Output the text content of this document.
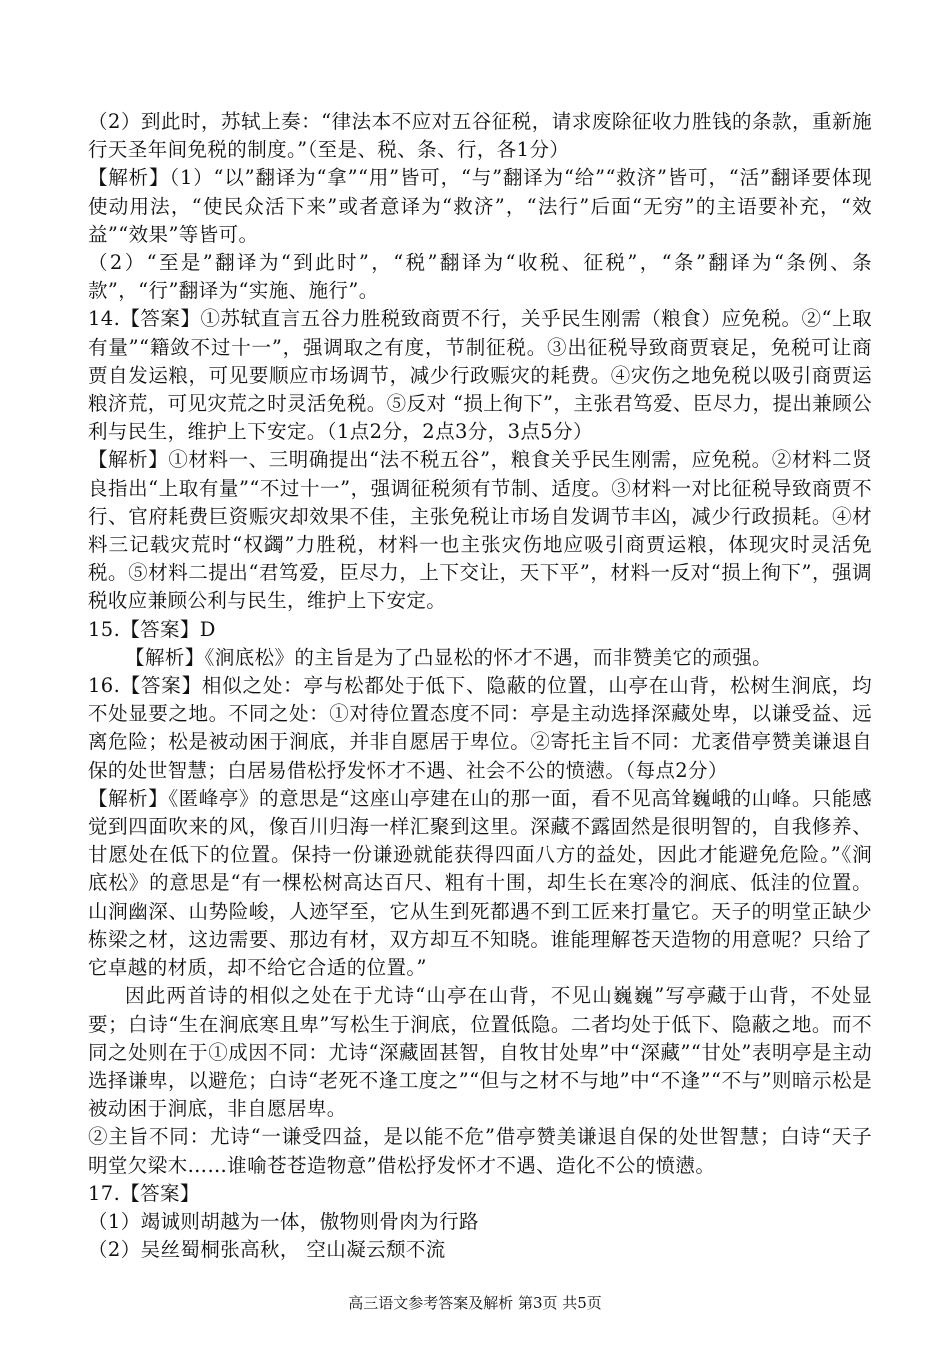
（2）到此时，苏轼上奏：“律法本不应对五谷征税，请求废除征收力胜钱的条款，重新施行天圣年间免税的制度。”（至是、税、条、行，各1分）

【解析】（1）“以”翻译为“拿”“用”皆可，“与”翻译为“给”“救济”皆可，“活”翻译要体现使动用法，“使民众活下来”或者意译为“救济”，“法行”后面“无穷”的主语要补充，“效益”“效果”等皆可。

（2）“至是”翻译为“到此时”，“税”翻译为“收税、征税”，“条”翻译为“条例、条款”，“行”翻译为“实施、施行”。

14.【答案】①苏轼直言五谷力胜税致商贾不行，关乎民生刚需（粮食）应免税。②“上取有量”“籍敛不过十一”，强调取之有度，节制征税。③出征税导致商贾衰足，免税可让商贾自发运粮，可见要顺应市场调节，减少行政赈灾的耗费。④灾伤之地免税以吸引商贾运粮济荒，可见灾荒之时灵活免税。⑤反对 “损上徇下”，主张君笃爱、臣尽力，提出兼顾公利与民生，维护上下安定。（1点2分，2点3分，3点5分）

【解析】①材料一、三明确提出“法不税五谷”，粮食关乎民生刚需，应免税。②材料二贤良指出“上取有量”“不过十一”，强调征税须有节制、适度。③材料一对比征税导致商贾不行、官府耗费巨资赈灾却效果不佳，主张免税让市场自发调节丰凶，减少行政损耗。④材料三记载灾荒时“权蠲”力胜税，材料一也主张灾伤地应吸引商贾运粮，体现灾时灵活免税。⑤材料二提出“君笃爱，臣尽力，上下交让，天下平”，材料一反对“损上徇下”，强调税收应兼顾公利与民生，维护上下安定。

15.【答案】D

【解析】《涧底松》的主旨是为了凸显松的怀才不遇，而非赞美它的顽强。

16.【答案】相似之处：亭与松都处于低下、隐蔽的位置，山亭在山背，松树生涧底，均不处显要之地。不同之处：①对待位置态度不同：亭是主动选择深藏处卑，以谦受益、远离危险；松是被动困于涧底，并非自愿居于卑位。②寄托主旨不同：尤袤借亭赞美谦退自保的处世智慧；白居易借松抒发怀才不遇、社会不公的愤懑。（每点2分）

【解析】《匿峰亭》的意思是“这座山亭建在山的那一面，看不见高耸巍峨的山峰。只能感觉到四面吹来的风，像百川归海一样汇聚到这里。深藏不露固然是很明智的，自我修养、甘愿处在低下的位置。保持一份谦逊就能获得四面八方的益处，因此才能避免危险。”《涧底松》的意思是“有一棵松树高达百尺、粗有十围，却生长在寒冷的涧底、低洼的位置。山涧幽深、山势险峻，人迹罕至，它从生到死都遇不到工匠来打量它。天子的明堂正缺少栋梁之材，这边需要、那边有材，双方却互不知晓。谁能理解苍天造物的用意呢？只给了它卓越的材质，却不给它合适的位置。”

因此两首诗的相似之处在于尤诗“山亭在山背，不见山巍巍”写亭藏于山背，不处显要；白诗“生在涧底寒且卑”写松生于涧底，位置低隐。二者均处于低下、隐蔽之地。而不同之处则在于①成因不同：尤诗“深藏固甚智，自牧甘处卑”中“深藏”“甘处”表明亭是主动选择谦卑，以避危；白诗“老死不逢工度之”“但与之材不与地”中“不逢”“不与”则暗示松是被动困于涧底，非自愿居卑。

②主旨不同：尤诗“一谦受四益，是以能不危”借亭赞美谦退自保的处世智慧；白诗“天子明堂欠梁木……谁喻苍苍造物意”借松抒发怀才不遇、造化不公的愤懑。

17.【答案】

（1）竭诚则胡越为一体，傲物则骨肉为行路

（2）吴丝蜀桐张高秋， 空山凝云颓不流

高三语文参考答案及解析 第3页 共5页
